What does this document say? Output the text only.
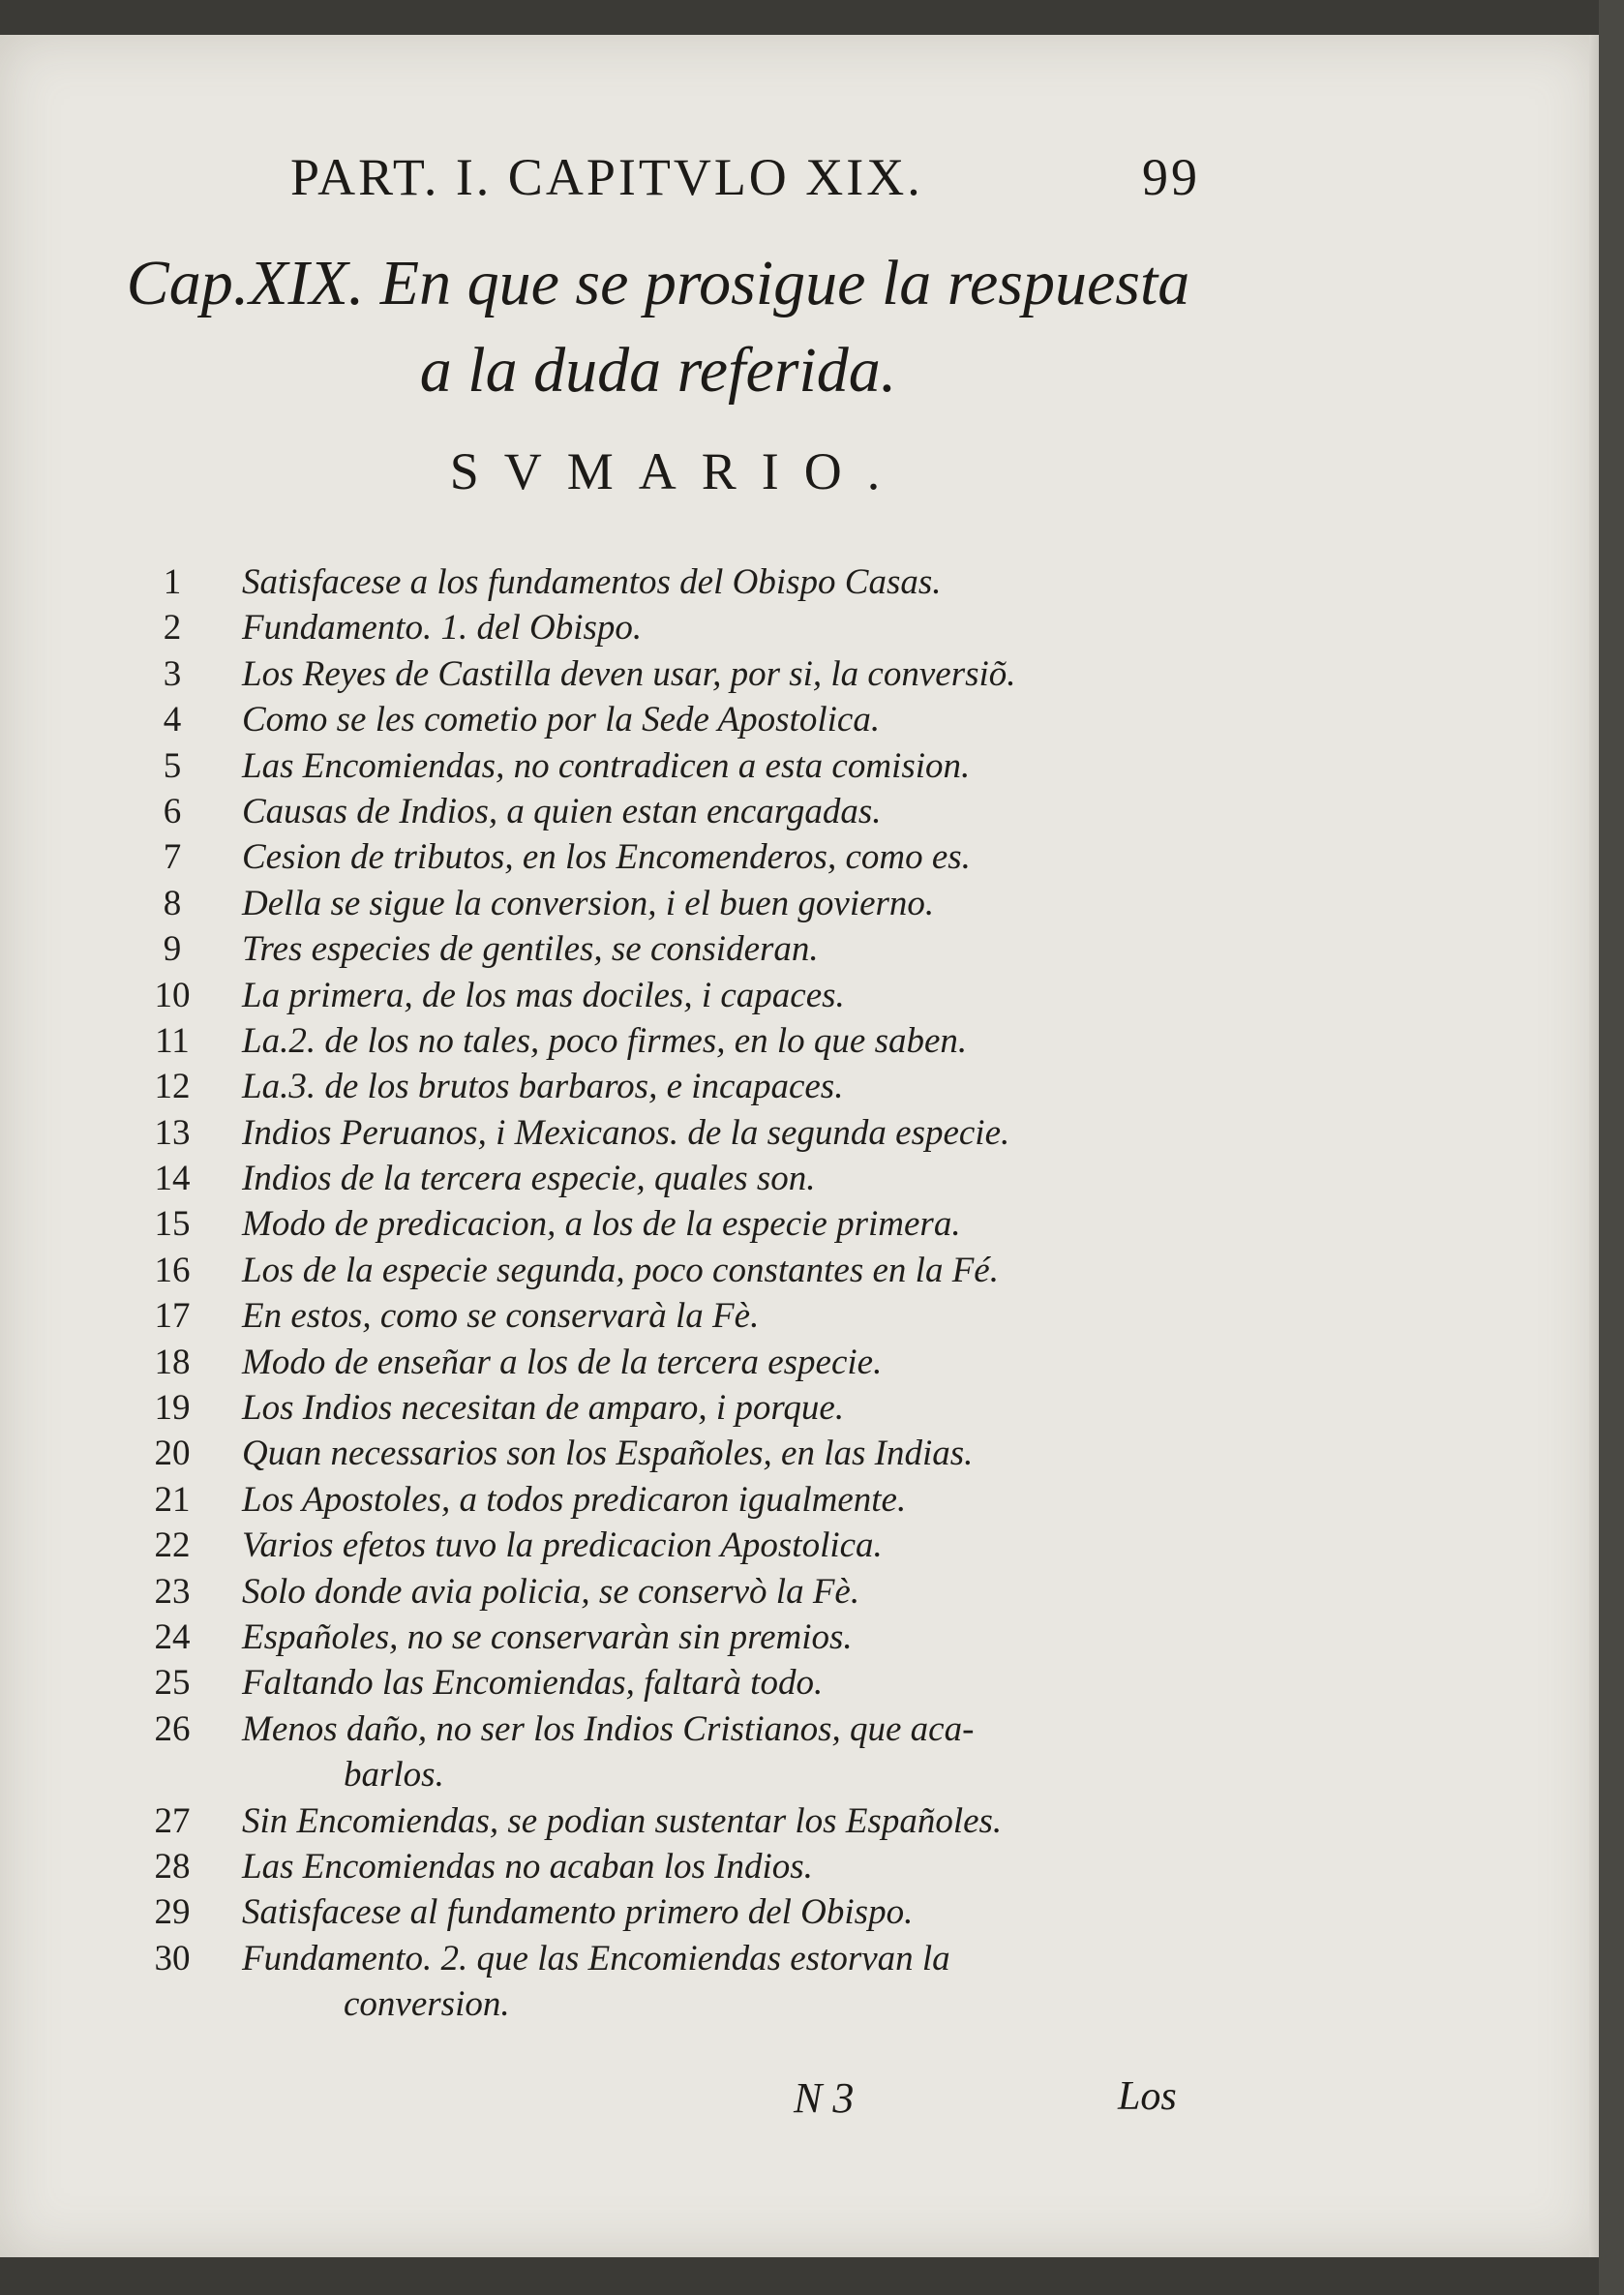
PART. I. CAPITVLO XIX.	99
Cap.XIX. En que se prosigue la respuesta
a la duda referida.
SVMARIO.
1	Satisfacese a los fundamentos del Obispo Casas.
2	Fundamento. 1. del Obispo.
3	Los Reyes de Castilla deven usar, por si, la conversiõ.
4	Como se les cometio por la Sede Apostolica.
5	Las Encomiendas, no contradicen a esta comision.
6	Causas de Indios, a quien estan encargadas.
7	Cesion de tributos, en los Encomenderos, como es.
8	Della se sigue la conversion, i el buen govierno.
9	Tres especies de gentiles, se consideran.
10	La primera, de los mas dociles, i capaces.
11	La.2. de los no tales, poco firmes, en lo que saben.
12	La.3. de los brutos barbaros, e incapaces.
13	Indios Peruanos, i Mexicanos. de la segunda especie.
14	Indios de la tercera especie, quales son.
15	Modo de predicacion, a los de la especie primera.
16	Los de la especie segunda, poco constantes en la Fé.
17	En estos, como se conservarà la Fè.
18	Modo de enseñar a los de la tercera especie.
19	Los Indios necesitan de amparo, i porque.
20	Quan necessarios son los Españoles, en las Indias.
21	Los Apostoles, a todos predicaron igualmente.
22	Varios efetos tuvo la predicacion Apostolica.
23	Solo donde avia policia, se conservò la Fè.
24	Españoles, no se conservaràn sin premios.
25	Faltando las Encomiendas, faltarà todo.
26	Menos daño, no ser los Indios Cristianos, que aca-
barlos.
27	Sin Encomiendas, se podian sustentar los Españoles.
28	Las Encomiendas no acaban los Indios.
29	Satisfacese al fundamento primero del Obispo.
30	Fundamento. 2. que las Encomiendas estorvan la
conversion.
N 3	Los
